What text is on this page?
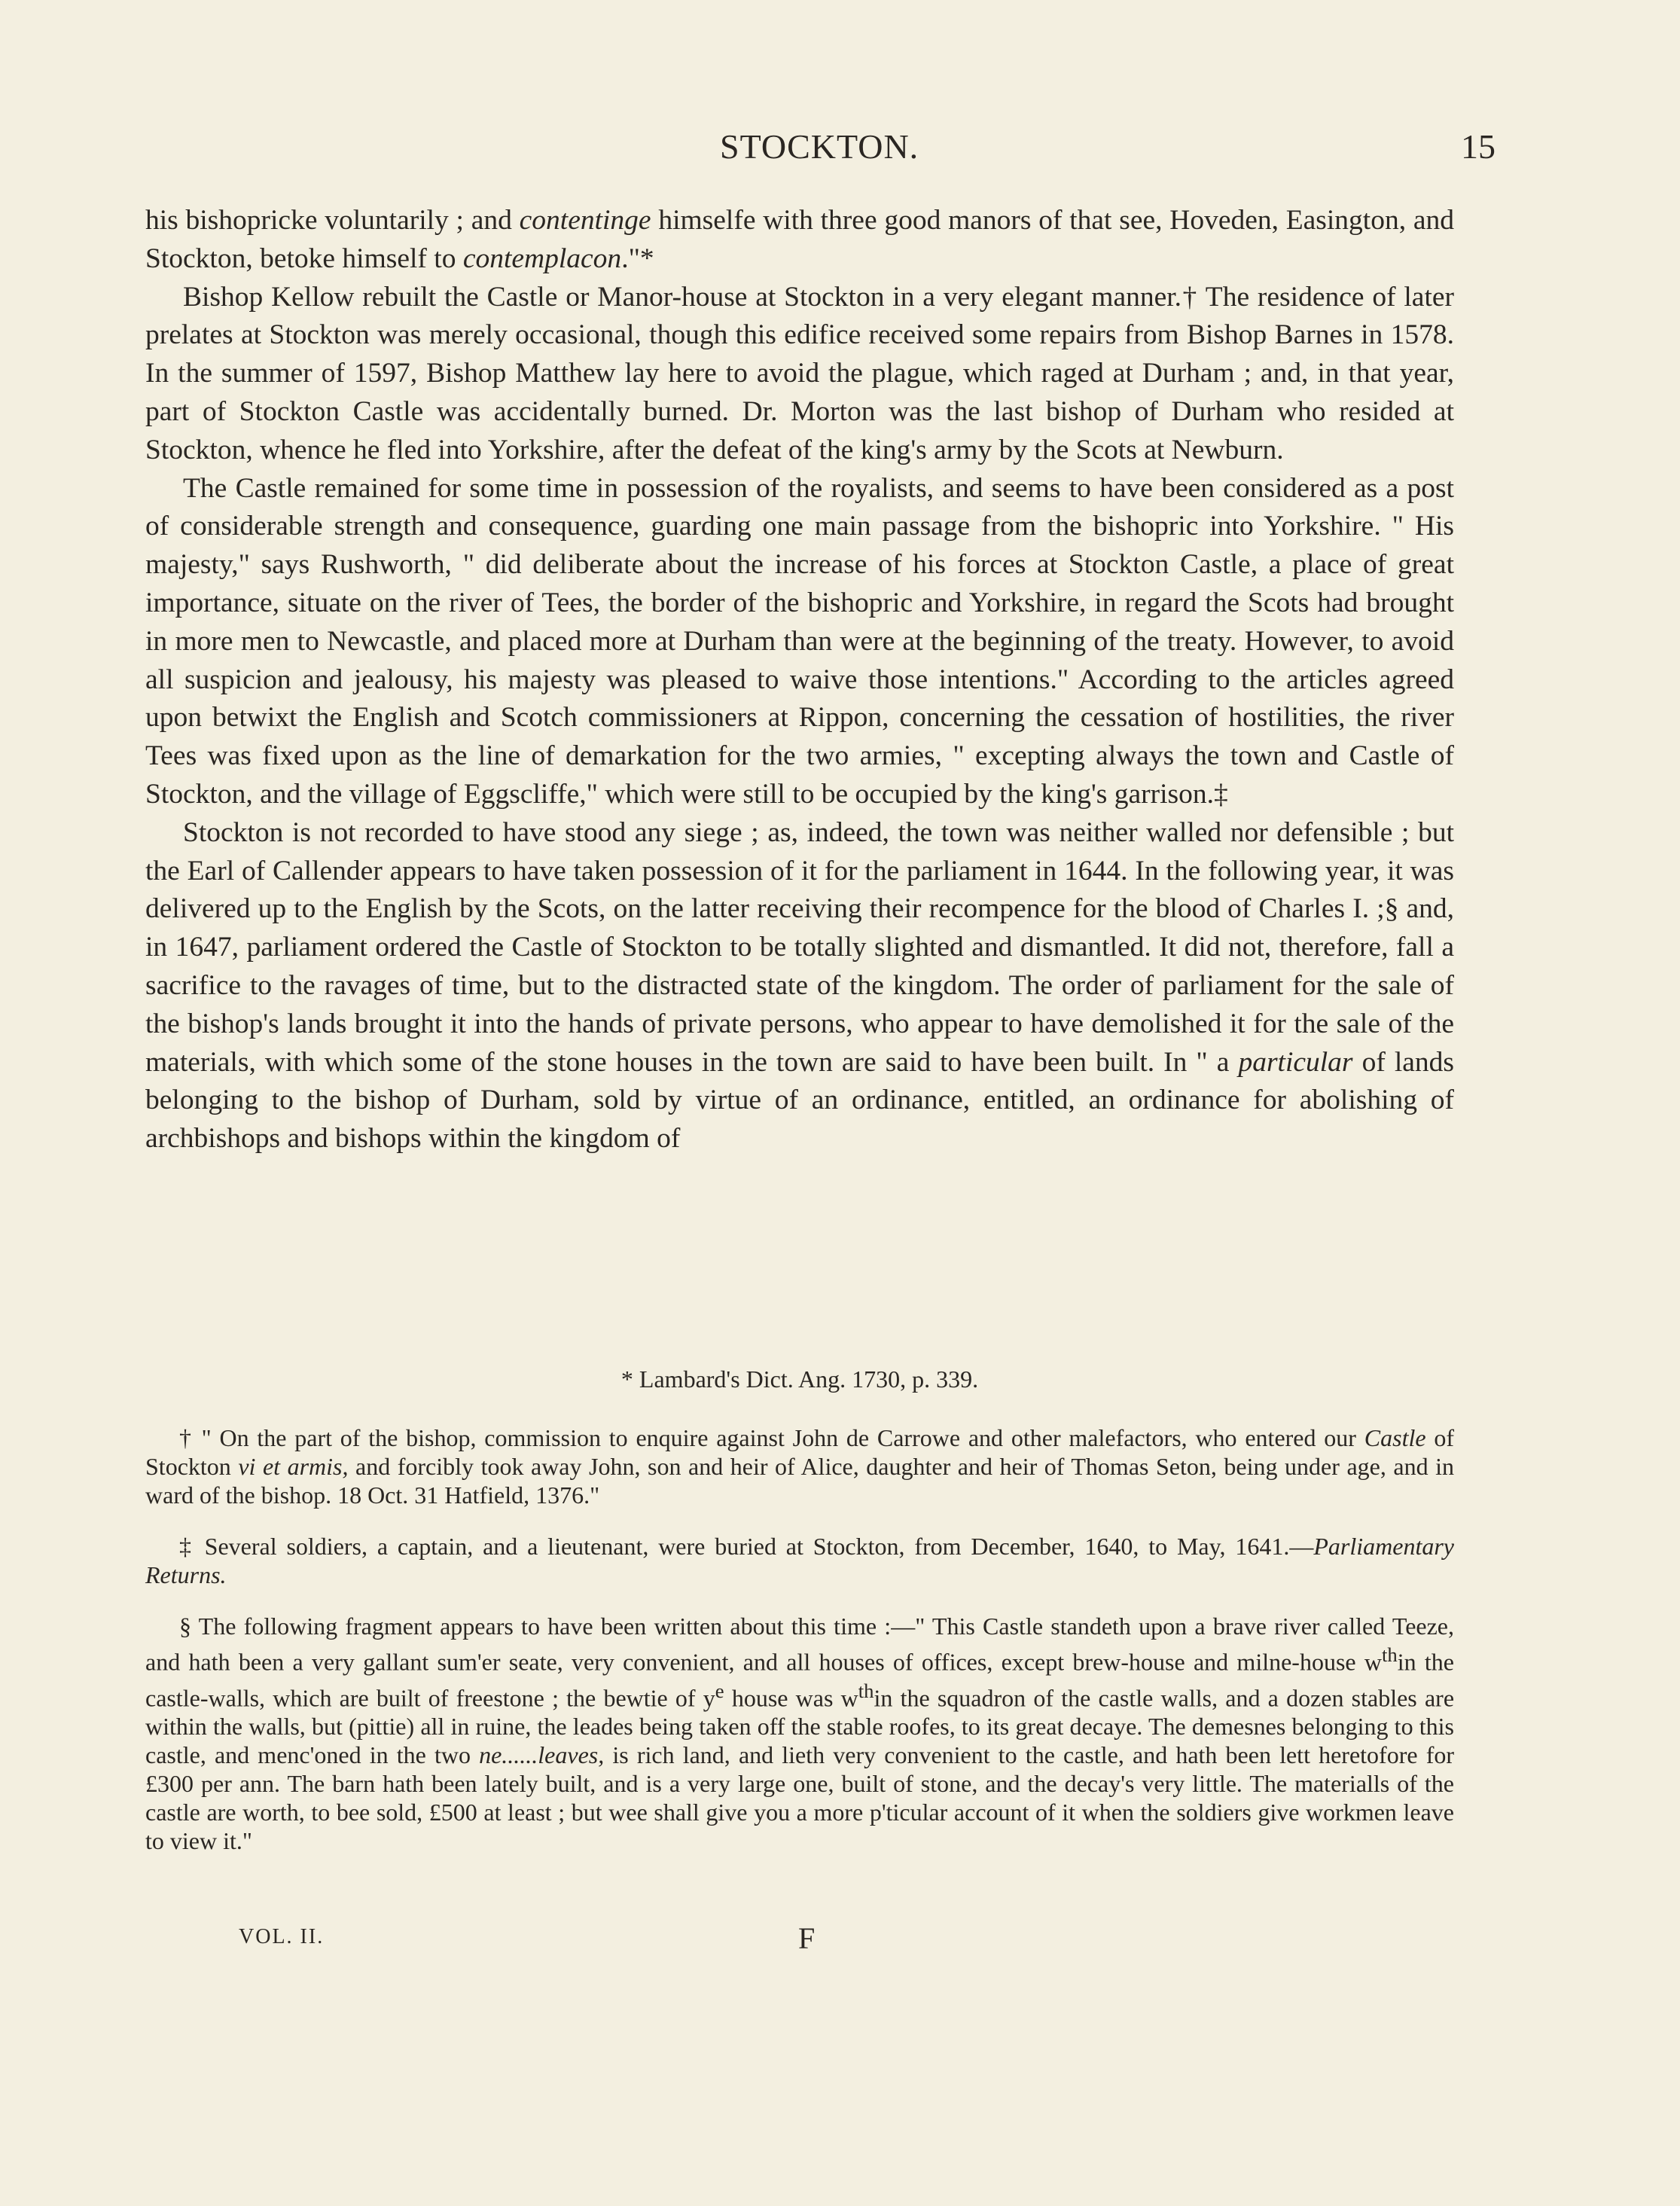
STOCKTON.	15

his bishopricke voluntarily ; and contentinge himselfe with three good manors of that see, Hoveden, Easington, and Stockton, betoke himself to contemplacon."*

Bishop Kellow rebuilt the Castle or Manor-house at Stockton in a very elegant manner.† The residence of later prelates at Stockton was merely occasional, though this edifice received some repairs from Bishop Barnes in 1578. In the summer of 1597, Bishop Matthew lay here to avoid the plague, which raged at Durham ; and, in that year, part of Stockton Castle was accidentally burned. Dr. Morton was the last bishop of Durham who resided at Stockton, whence he fled into Yorkshire, after the defeat of the king's army by the Scots at Newburn.

The Castle remained for some time in possession of the royalists, and seems to have been considered as a post of considerable strength and consequence, guarding one main passage from the bishopric into Yorkshire. " His majesty," says Rushworth, " did deliberate about the increase of his forces at Stockton Castle, a place of great importance, situate on the river of Tees, the border of the bishopric and Yorkshire, in regard the Scots had brought in more men to Newcastle, and placed more at Durham than were at the beginning of the treaty. However, to avoid all suspicion and jealousy, his majesty was pleased to waive those intentions." According to the articles agreed upon betwixt the English and Scotch commissioners at Rippon, concerning the cessation of hostilities, the river Tees was fixed upon as the line of demarkation for the two armies, " excepting always the town and Castle of Stockton, and the village of Eggscliffe," which were still to be occupied by the king's garrison.‡

Stockton is not recorded to have stood any siege ; as, indeed, the town was neither walled nor defensible ; but the Earl of Callender appears to have taken possession of it for the parliament in 1644. In the following year, it was delivered up to the English by the Scots, on the latter receiving their recompence for the blood of Charles I. ;§ and, in 1647, parliament ordered the Castle of Stockton to be totally slighted and dismantled. It did not, therefore, fall a sacrifice to the ravages of time, but to the distracted state of the kingdom. The order of parliament for the sale of the bishop's lands brought it into the hands of private persons, who appear to have demolished it for the sale of the materials, with which some of the stone houses in the town are said to have been built. In " a particular of lands belonging to the bishop of Durham, sold by virtue of an ordinance, entitled, an ordinance for abolishing of archbishops and bishops within the kingdom of

* Lambard's Dict. Ang. 1730, p. 339.

† " On the part of the bishop, commission to enquire against John de Carrowe and other malefactors, who entered our Castle of Stockton vi et armis, and forcibly took away John, son and heir of Alice, daughter and heir of Thomas Seton, being under age, and in ward of the bishop. 18 Oct. 31 Hatfield, 1376."

‡ Several soldiers, a captain, and a lieutenant, were buried at Stockton, from December, 1640, to May, 1641.—Parliamentary Returns.

§ The following fragment appears to have been written about this time :—" This Castle standeth upon a brave river called Teeze, and hath been a very gallant sum'er seate, very convenient, and all houses of offices, except brew-house and milne-house $w^{th}in$ the castle-walls, which are built of freestone ; the bewtie of $y^e$ house was $w^{th}in$ the squadron of the castle walls, and a dozen stables are within the walls, but (pittie) all in ruine, the leades being taken off the stable roofes, to its great decaye. The demesnes belonging to this castle, and menc'oned in the two ne......leaves, is rich land, and lieth very convenient to the castle, and hath been lett heretofore for £300 per ann. The barn hath been lately built, and is a very large one, built of stone, and the decay's very little. The materialls of the castle are worth, to bee sold, £500 at least ; but wee shall give you a more p'ticular account of it when the soldiers give workmen leave to view it."

VOL. II.	F
